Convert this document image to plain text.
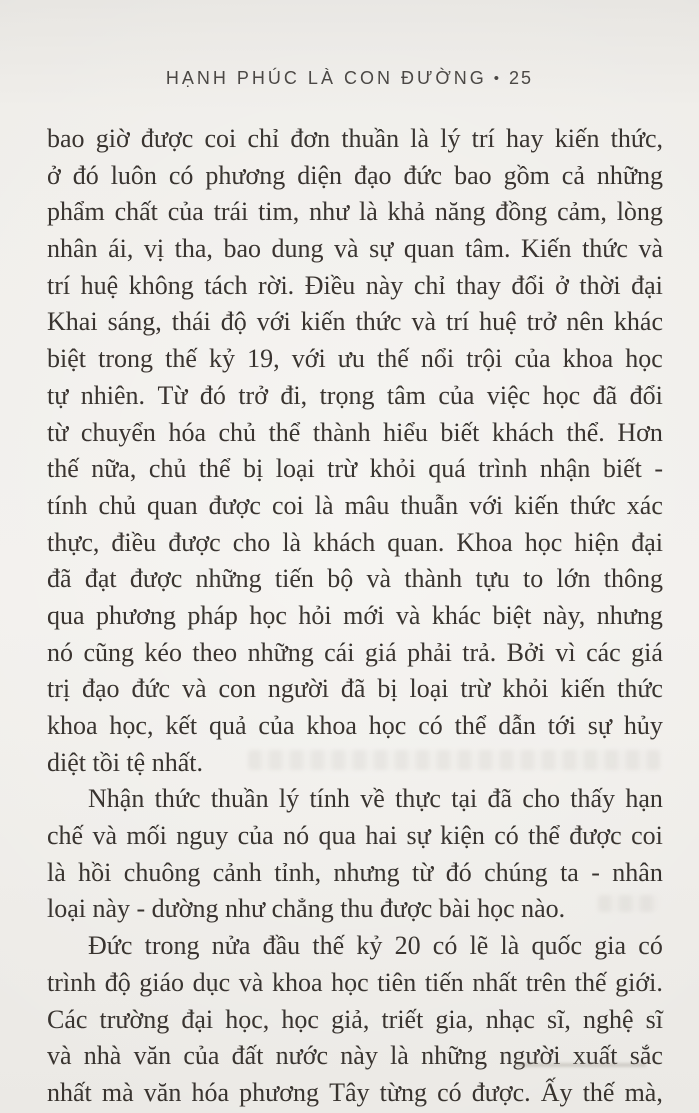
HẠNH PHÚC LÀ CON ĐƯỜNG • 25
bao giờ được coi chỉ đơn thuần là lý trí hay kiến thức,
ở đó luôn có phương diện đạo đức bao gồm cả những
phẩm chất của trái tim, như là khả năng đồng cảm, lòng
nhân ái, vị tha, bao dung và sự quan tâm. Kiến thức và
trí huệ không tách rời. Điều này chỉ thay đổi ở thời đại
Khai sáng, thái độ với kiến thức và trí huệ trở nên khác
biệt trong thế kỷ 19, với ưu thế nổi trội của khoa học
tự nhiên. Từ đó trở đi, trọng tâm của việc học đã đổi
từ chuyển hóa chủ thể thành hiểu biết khách thể. Hơn
thế nữa, chủ thể bị loại trừ khỏi quá trình nhận biết -
tính chủ quan được coi là mâu thuẫn với kiến thức xác
thực, điều được cho là khách quan. Khoa học hiện đại
đã đạt được những tiến bộ và thành tựu to lớn thông
qua phương pháp học hỏi mới và khác biệt này, nhưng
nó cũng kéo theo những cái giá phải trả. Bởi vì các giá
trị đạo đức và con người đã bị loại trừ khỏi kiến thức
khoa học, kết quả của khoa học có thể dẫn tới sự hủy
diệt tồi tệ nhất.
Nhận thức thuần lý tính về thực tại đã cho thấy hạn
chế và mối nguy của nó qua hai sự kiện có thể được coi
là hồi chuông cảnh tỉnh, nhưng từ đó chúng ta - nhân
loại này - dường như chẳng thu được bài học nào.
Đức trong nửa đầu thế kỷ 20 có lẽ là quốc gia có
trình độ giáo dục và khoa học tiên tiến nhất trên thế giới.
Các trường đại học, học giả, triết gia, nhạc sĩ, nghệ sĩ
và nhà văn của đất nước này là những người xuất sắc
nhất mà văn hóa phương Tây từng có được. Ấy thế mà,
